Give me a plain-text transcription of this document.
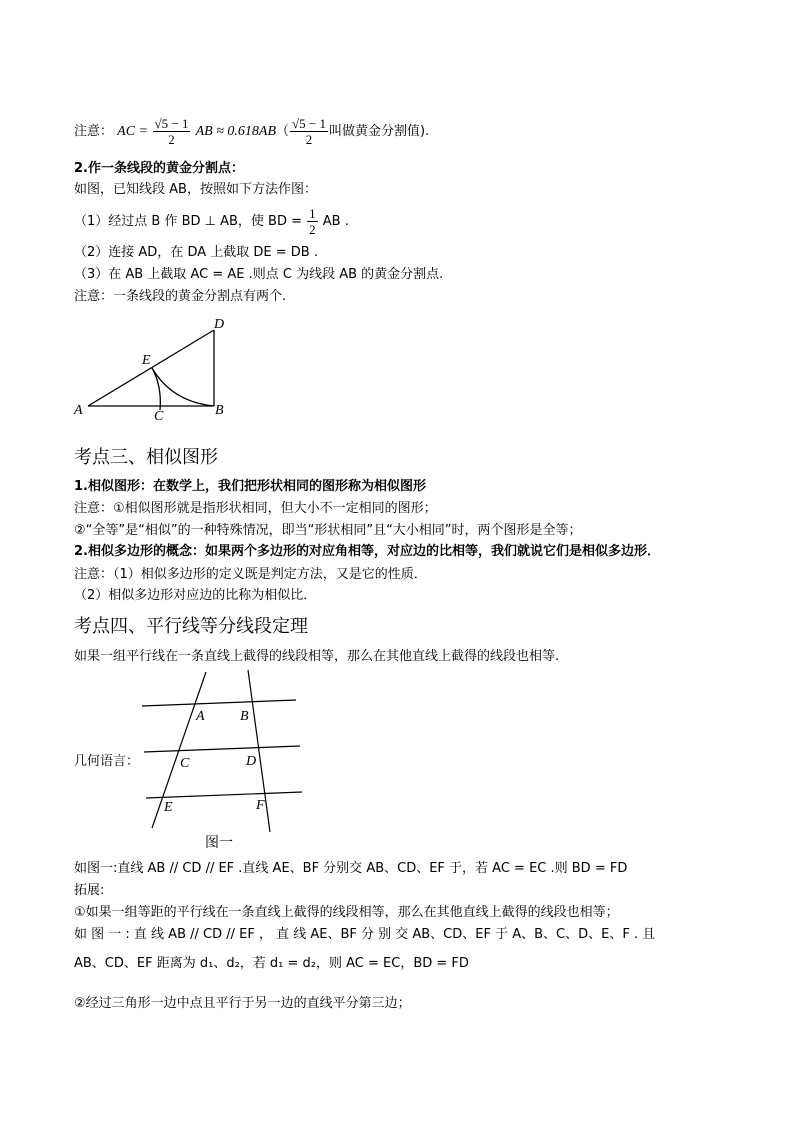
注意： AC = $\frac{√5 - 1}{2}$ AB ≈ $0.618AB( \frac{√5 - 1}{2}$ 叫做黄金分割值).
2.作一条线段的黄金分割点：
如图，已知线段 AB，按照如下方法作图：
（1）经过点 B 作 BD ⊥ AB，使 BD = $\frac{1}{2}$ AB .
（2）连接 AD，在 DA 上截取 DE = DB .
（3）在 AB 上截取 AC = AE .则点 C 为线段 AB 的黄金分割点.
注意：一条线段的黄金分割点有两个.
A	B
C
D
E
考点三、相似图形
1.相似图形：在数学上，我们把形状相同的图形称为相似图形
注意：①相似图形就是指形状相同，但大小不一定相同的图形；
②“全等”是“相似”的一种特殊情况，即当“形状相同”且“大小相同”时，两个图形是全等；
2.相似多边形的概念：如果两个多边形的对应角相等，对应边的比相等，我们就说它们是相似多边形．
注意：（1）相似多边形的定义既是判定方法，又是它的性质．
（2）相似多边形对应边的比称为相似比．
考点四、平行线等分线段定理
如果一组平行线在一条直线上截得的线段相等，那么在其他直线上截得的线段也相等.
几何语言：
A	B
C	D
E	F
图一
如图一:直线 AB // CD // EF .直线 AE、BF 分别交 AB、CD、EF 于，若 AC = EC .则 BD = FD
拓展:
①如果一组等距的平行线在一条直线上截得的线段相等，那么在其他直线上截得的线段也相等；
如 图 一 : 直 线 AB // CD // EF ， 直 线 AE、BF 分 别 交 AB、CD、EF 于 A、B、C、D、E、F . 且
AB、CD、EF 距离为 d₁、d₂，若 d₁ = d₂，则 AC = EC，BD = FD
②经过三角形一边中点且平行于另一边的直线平分第三边；
